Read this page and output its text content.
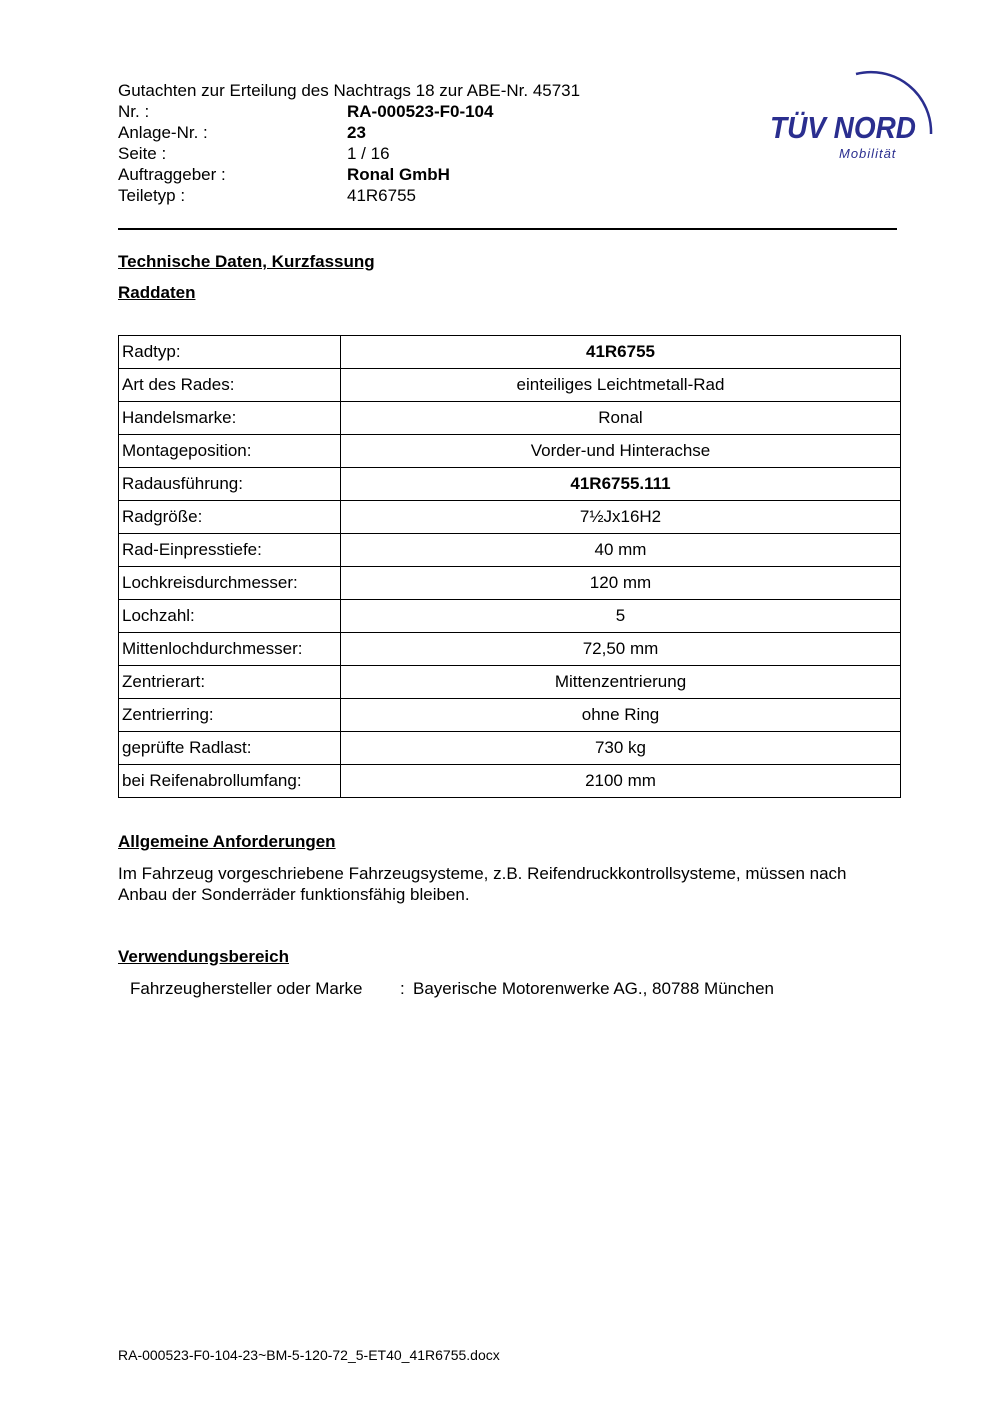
Gutachten zur Erteilung des Nachtrags 18 zur ABE-Nr. 45731
Nr. :	RA-000523-F0-104
Anlage-Nr. :	23
Seite :	1 / 16
Auftraggeber :	Ronal GmbH
Teiletyp :	41R6755
TÜV NORD
Mobilität
Technische Daten, Kurzfassung
Raddaten
Radtyp:	41R6755
Art des Rades:	einteiliges Leichtmetall-Rad
Handelsmarke:	Ronal
Montageposition:	Vorder-und Hinterachse
Radausführung:	41R6755.111
Radgröße:	7½Jx16H2
Rad-Einpresstiefe:	40 mm
Lochkreisdurchmesser:	120 mm
Lochzahl:	5
Mittenlochdurchmesser:	72,50 mm
Zentrierart:	Mittenzentrierung
Zentrierring:	ohne Ring
geprüfte Radlast:	730 kg
bei Reifenabrollumfang:	2100 mm
Allgemeine Anforderungen
Im Fahrzeug vorgeschriebene Fahrzeugsysteme, z.B. Reifendruckkontrollsysteme, müssen nach Anbau der Sonderräder funktionsfähig bleiben.
Verwendungsbereich
Fahrzeughersteller oder Marke	: Bayerische Motorenwerke AG., 80788 München
RA-000523-F0-104-23~BM-5-120-72_5-ET40_41R6755.docx
